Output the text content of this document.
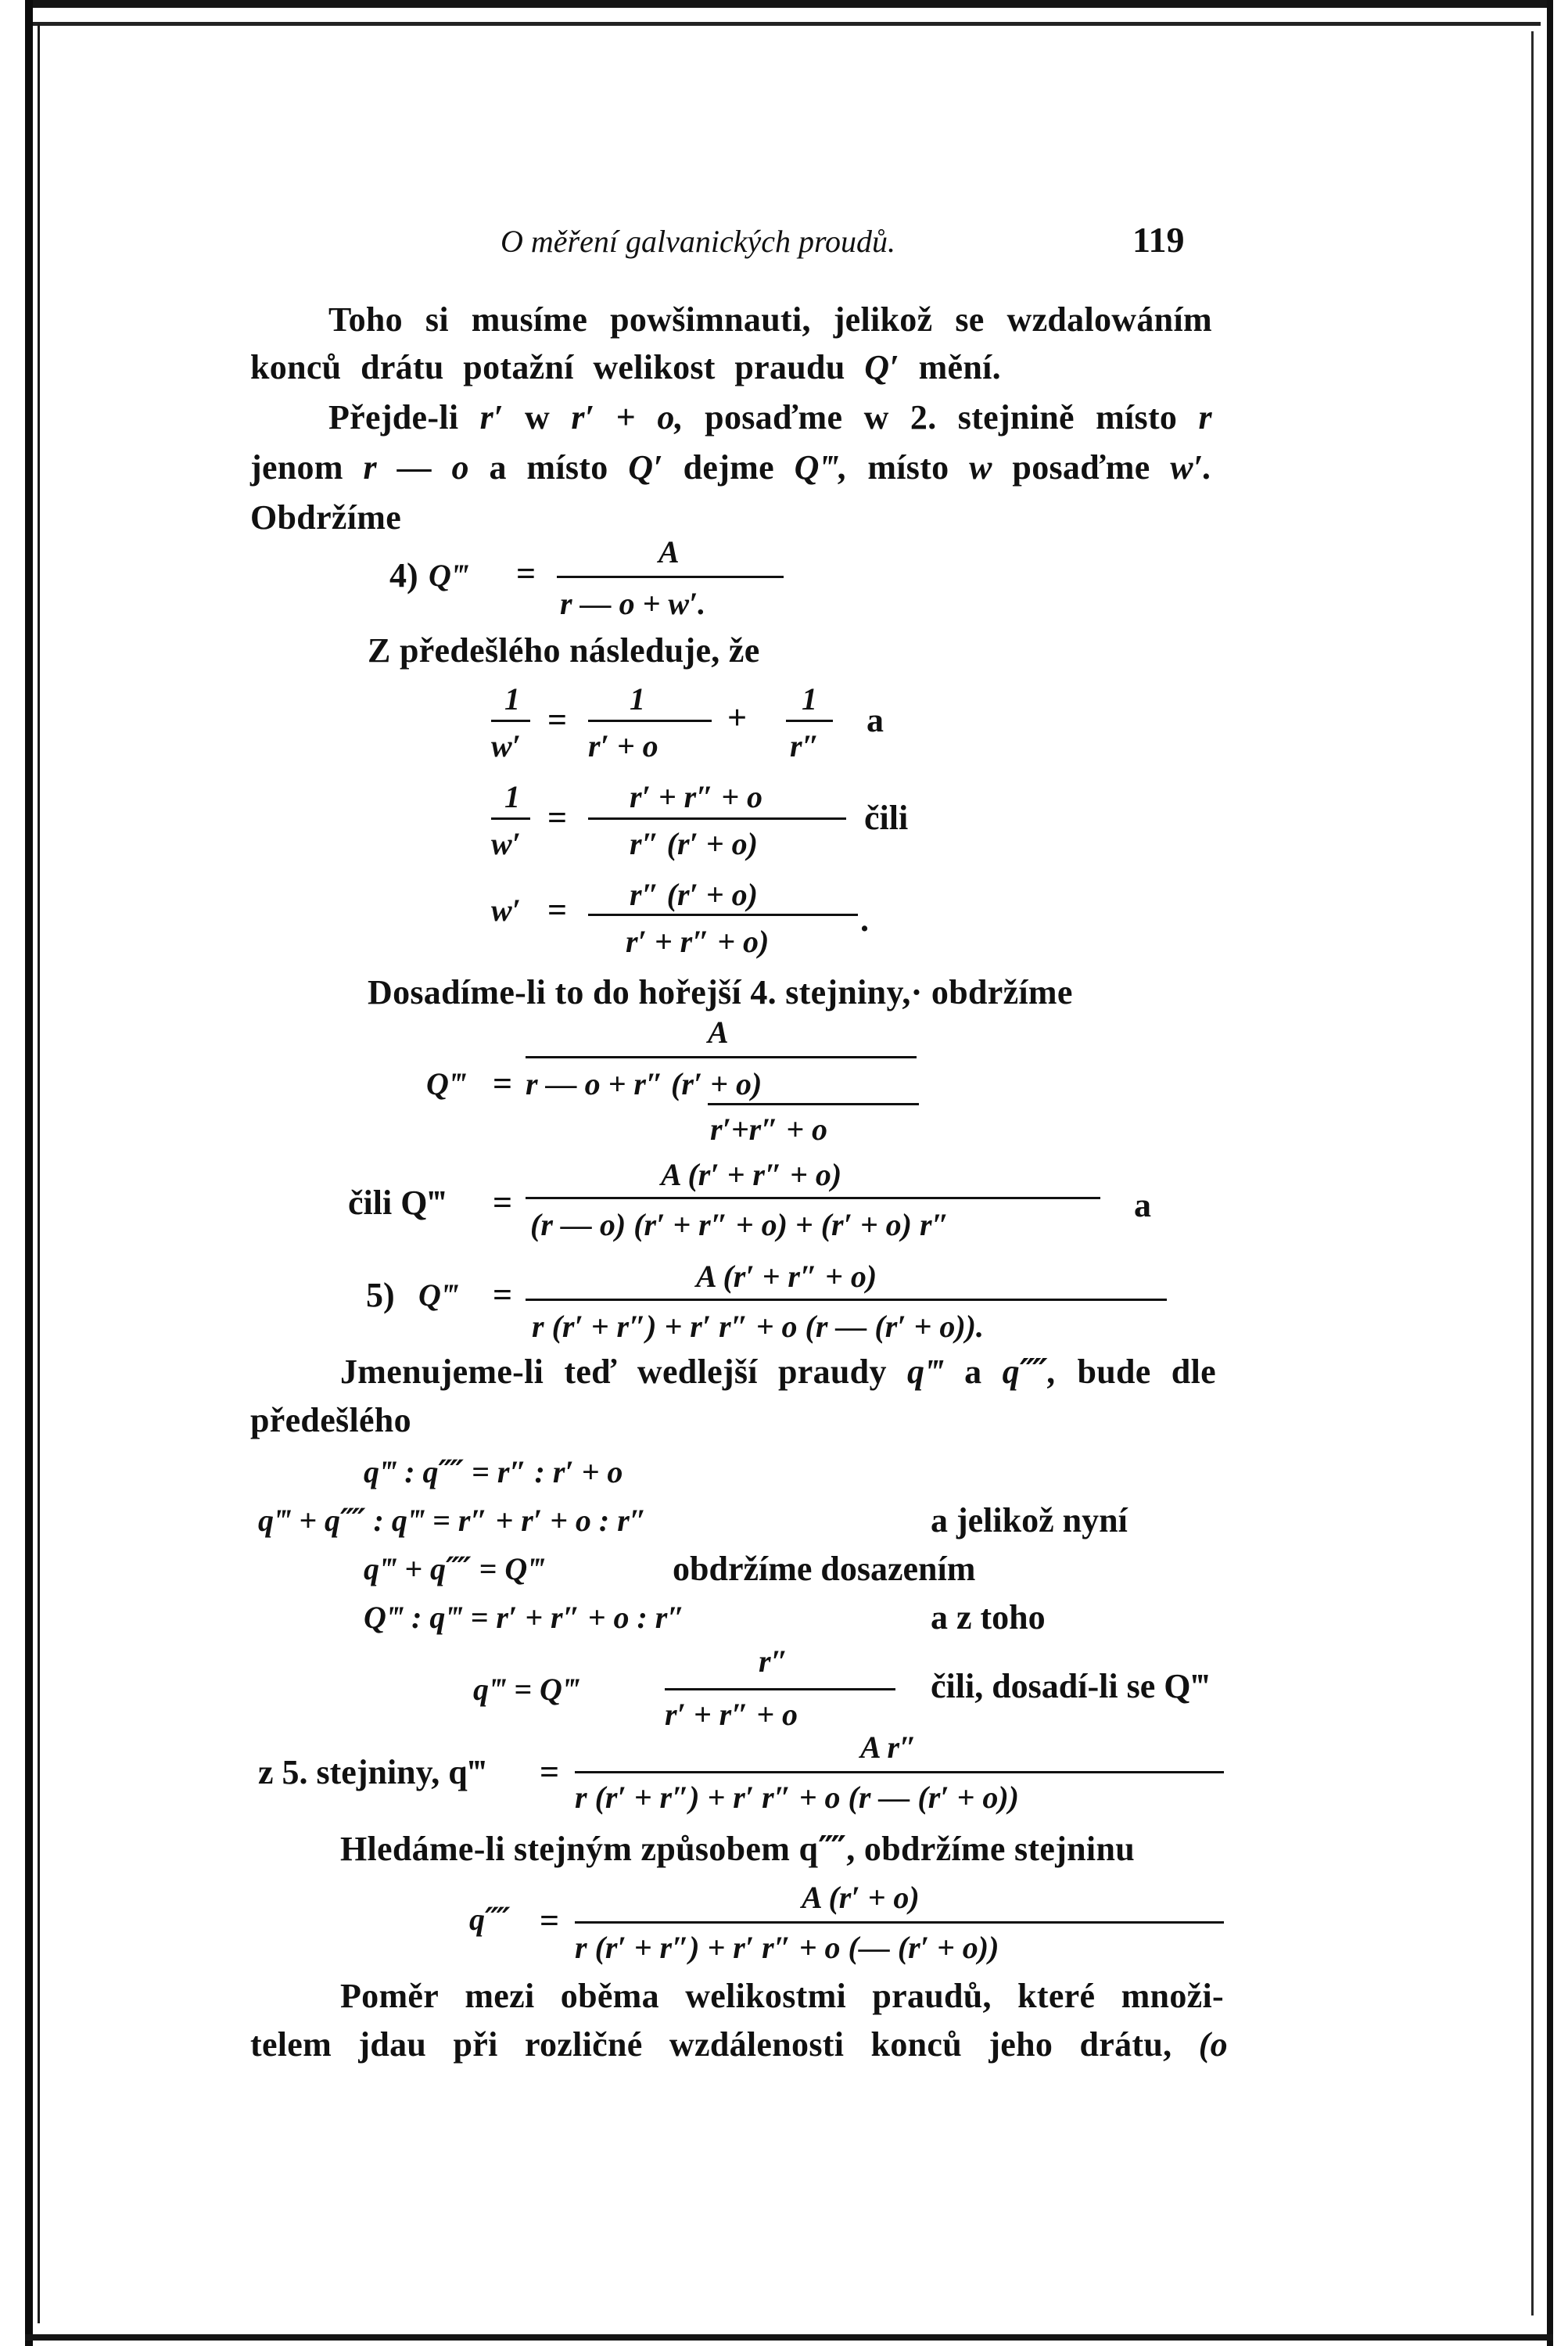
O měření galvanických proudů.	119
Toho si musíme powšimnauti, jelikož se wzdalowáním
konců drátu potažní welikost praudu Q′ mění.
Přejde-li r′ w r′ + o, posaďme w 2. stejnině místo r
jenom r — o a místo Q′ dejme Q‴, místo w posaďme w′.
Obdržíme
4) Q‴ =
A
r — o + w′.
Z předešlého následuje, že
1
w′
=
1
r′ + o
+ 1
r″
a
1
w′
=
r′ + r″ + o
r″ (r′ + o)
čili
w′ = r″ (r′ + o)
r′ + r″ + o)
.
Dosadíme-li to do hořejší 4. stejniny,· obdržíme
Q‴ =
A
r — o + r″ (r′ + o)
r′+r″ + o
čili Q‴ =
A (r′ + r″ + o)
(r — o) (r′ + r″ + o) + (r′ + o) r″
a
5) Q‴ =	A (r′ + r″ + o)
r (r′ + r″) + r′ r″ + o (r — (r′ + o)).
Jmenujeme-li teď wedlejší praudy q‴ a q⁗, bude dle
předešlého
q‴ : q⁗ = r″ : r′ + o
q‴ + q⁗ : q‴ = r″ + r′ + o : r″	a jelikož nyní
q‴ + q⁗ = Q‴	obdržíme dosazením
Q‴ : q‴ = r′ + r″ + o : r″	a z toho
q‴ = Q‴
r″
r′ + r″ + o
čili, dosadí-li se Q‴
z 5. stejniny, q‴ =
A r″
r (r′ + r″) + r′ r″ + o (r — (r′ + o))
Hledáme-li stejným způsobem q⁗, obdržíme stejninu
q⁗ =
A (r′ + o)
r (r′ + r″) + r′ r″ + o (— (r′ + o))
Poměr mezi oběma welikostmi praudů, které množi-
telem jdau při rozličné wzdálenosti konců jeho drátu, (o
